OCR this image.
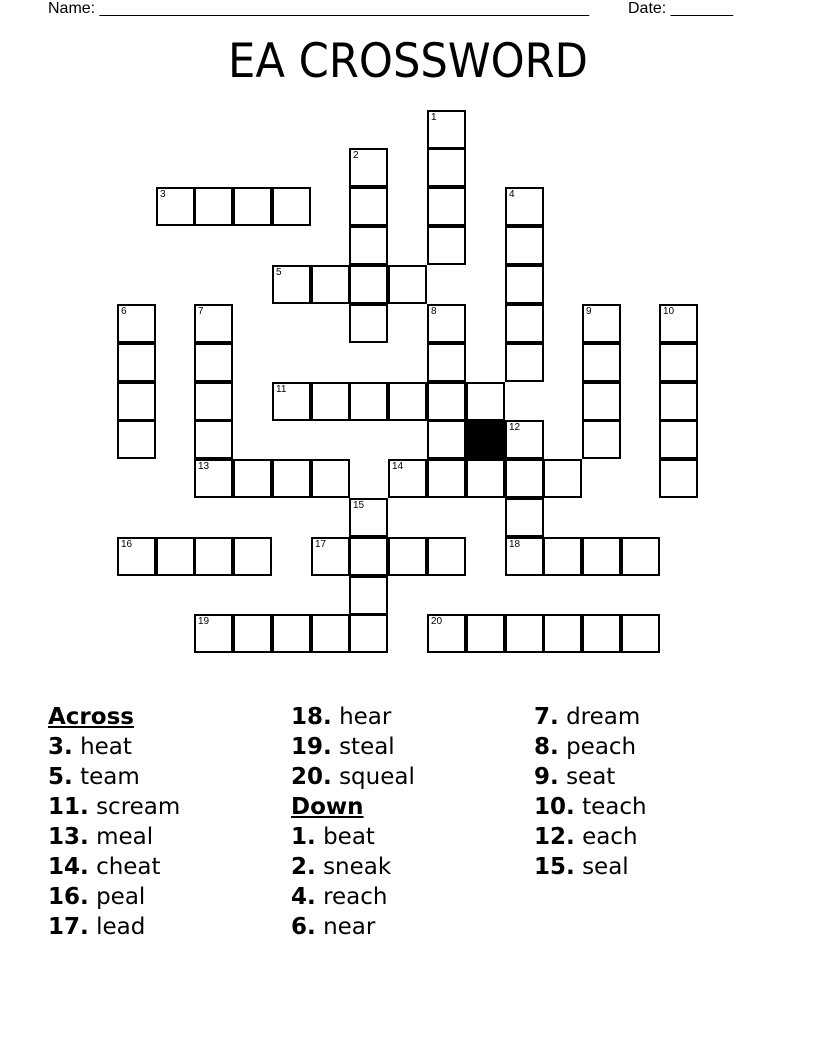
Name: _______________________________________________________ Date: _______
EA CROSSWORD
3
1
2
5
4
6	7	8	9	10
11
12
13	14
15
16	17	18
19	20
Across
3. heat
5. team
11. scream
13. meal
14. cheat
16. peal
17. lead
18. hear
19. steal
20. squeal
Down
1. beat
2. sneak
4. reach
6. near
7. dream
8. peach
9. seat
10. teach
12. each
15. seal
